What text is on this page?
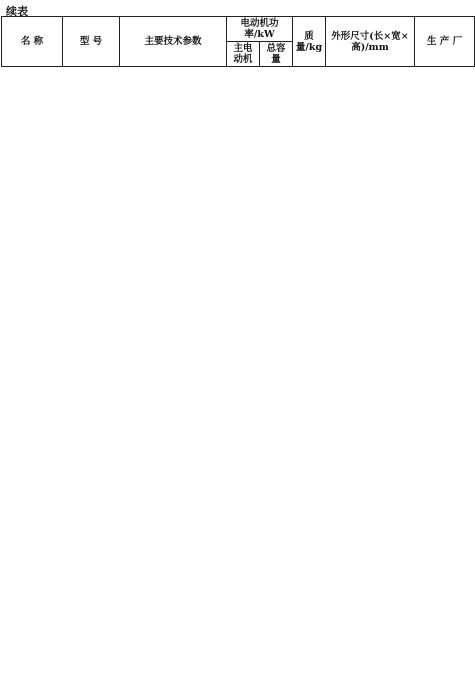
续表
名 称	型 号	主要技术参数	电动机功率/kW		质量/kg	外形尺寸(长×宽×高)/mm	生 产 厂
			主电动机	总容量			
